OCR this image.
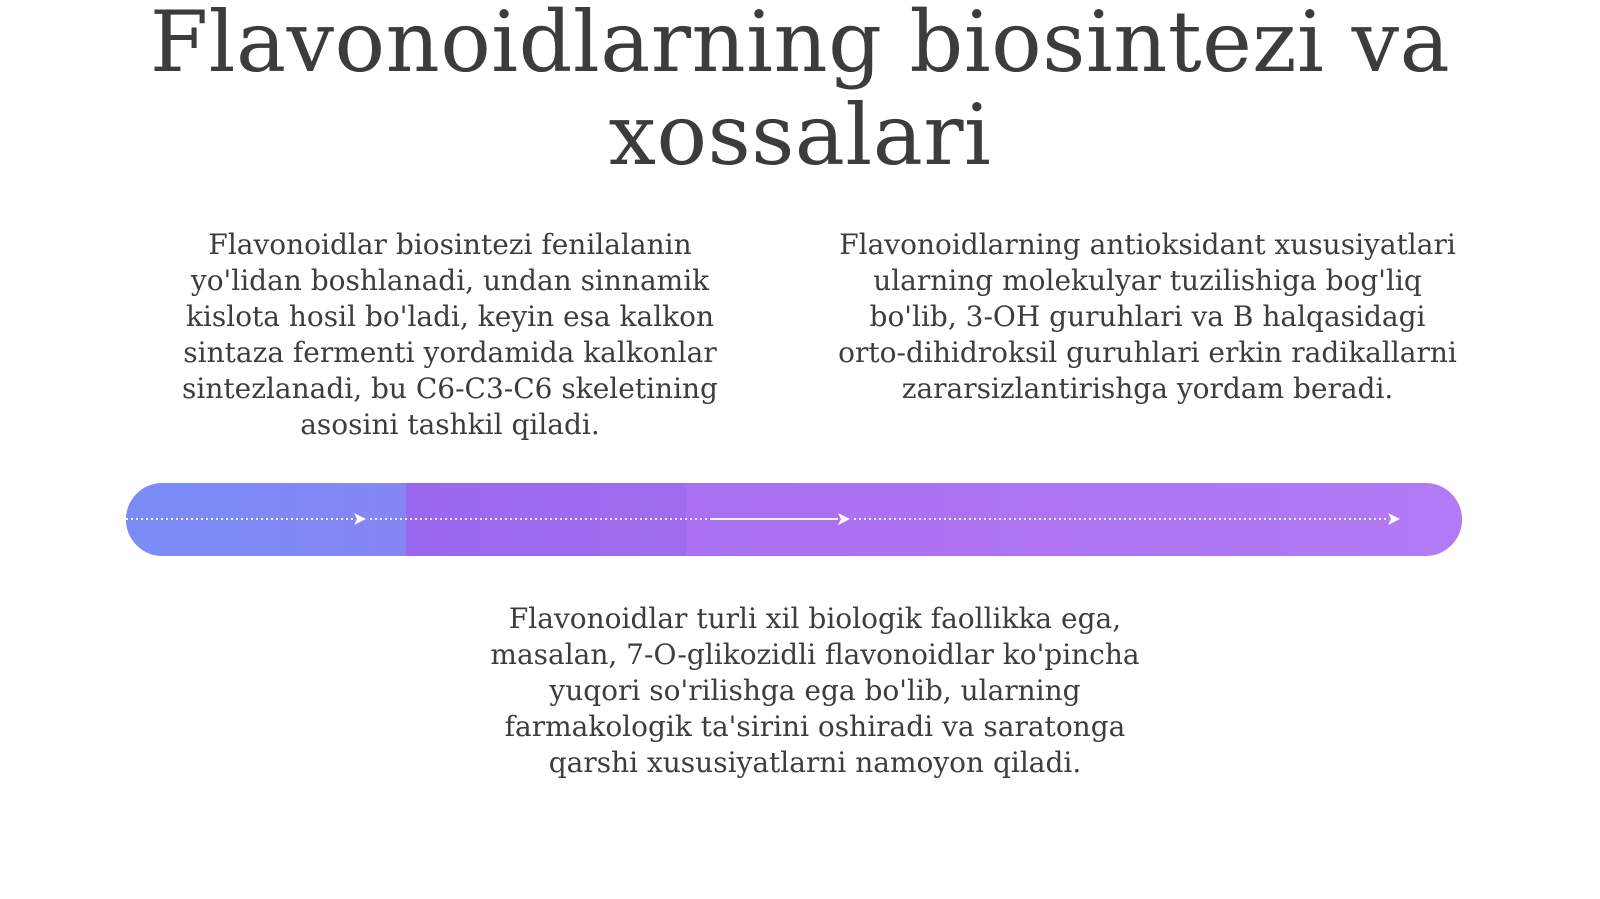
Flavonoidlarning biosintezi va xossalari

Flavonoidlar biosintezi fenilalanin yo'lidan boshlanadi, undan sinnamik kislota hosil bo'ladi, keyin esa kalkon sintaza fermenti yordamida kalkonlar sintezlanadi, bu C6-C3-C6 skeletining asosini tashkil qiladi.

Flavonoidlarning antioksidant xususiyatlari ularning molekulyar tuzilishiga bog'liq bo'lib, 3-OH guruhlari va B halqasidagi orto-dihidroksil guruhlari erkin radikallarni zararsizlantirishga yordam beradi.

Flavonoidlar turli xil biologik faollikka ega, masalan, 7-O-glikozidli flavonoidlar ko'pincha yuqori so'rilishga ega bo'lib, ularning farmakologik ta'sirini oshiradi va saratonga qarshi xususiyatlarni namoyon qiladi.
